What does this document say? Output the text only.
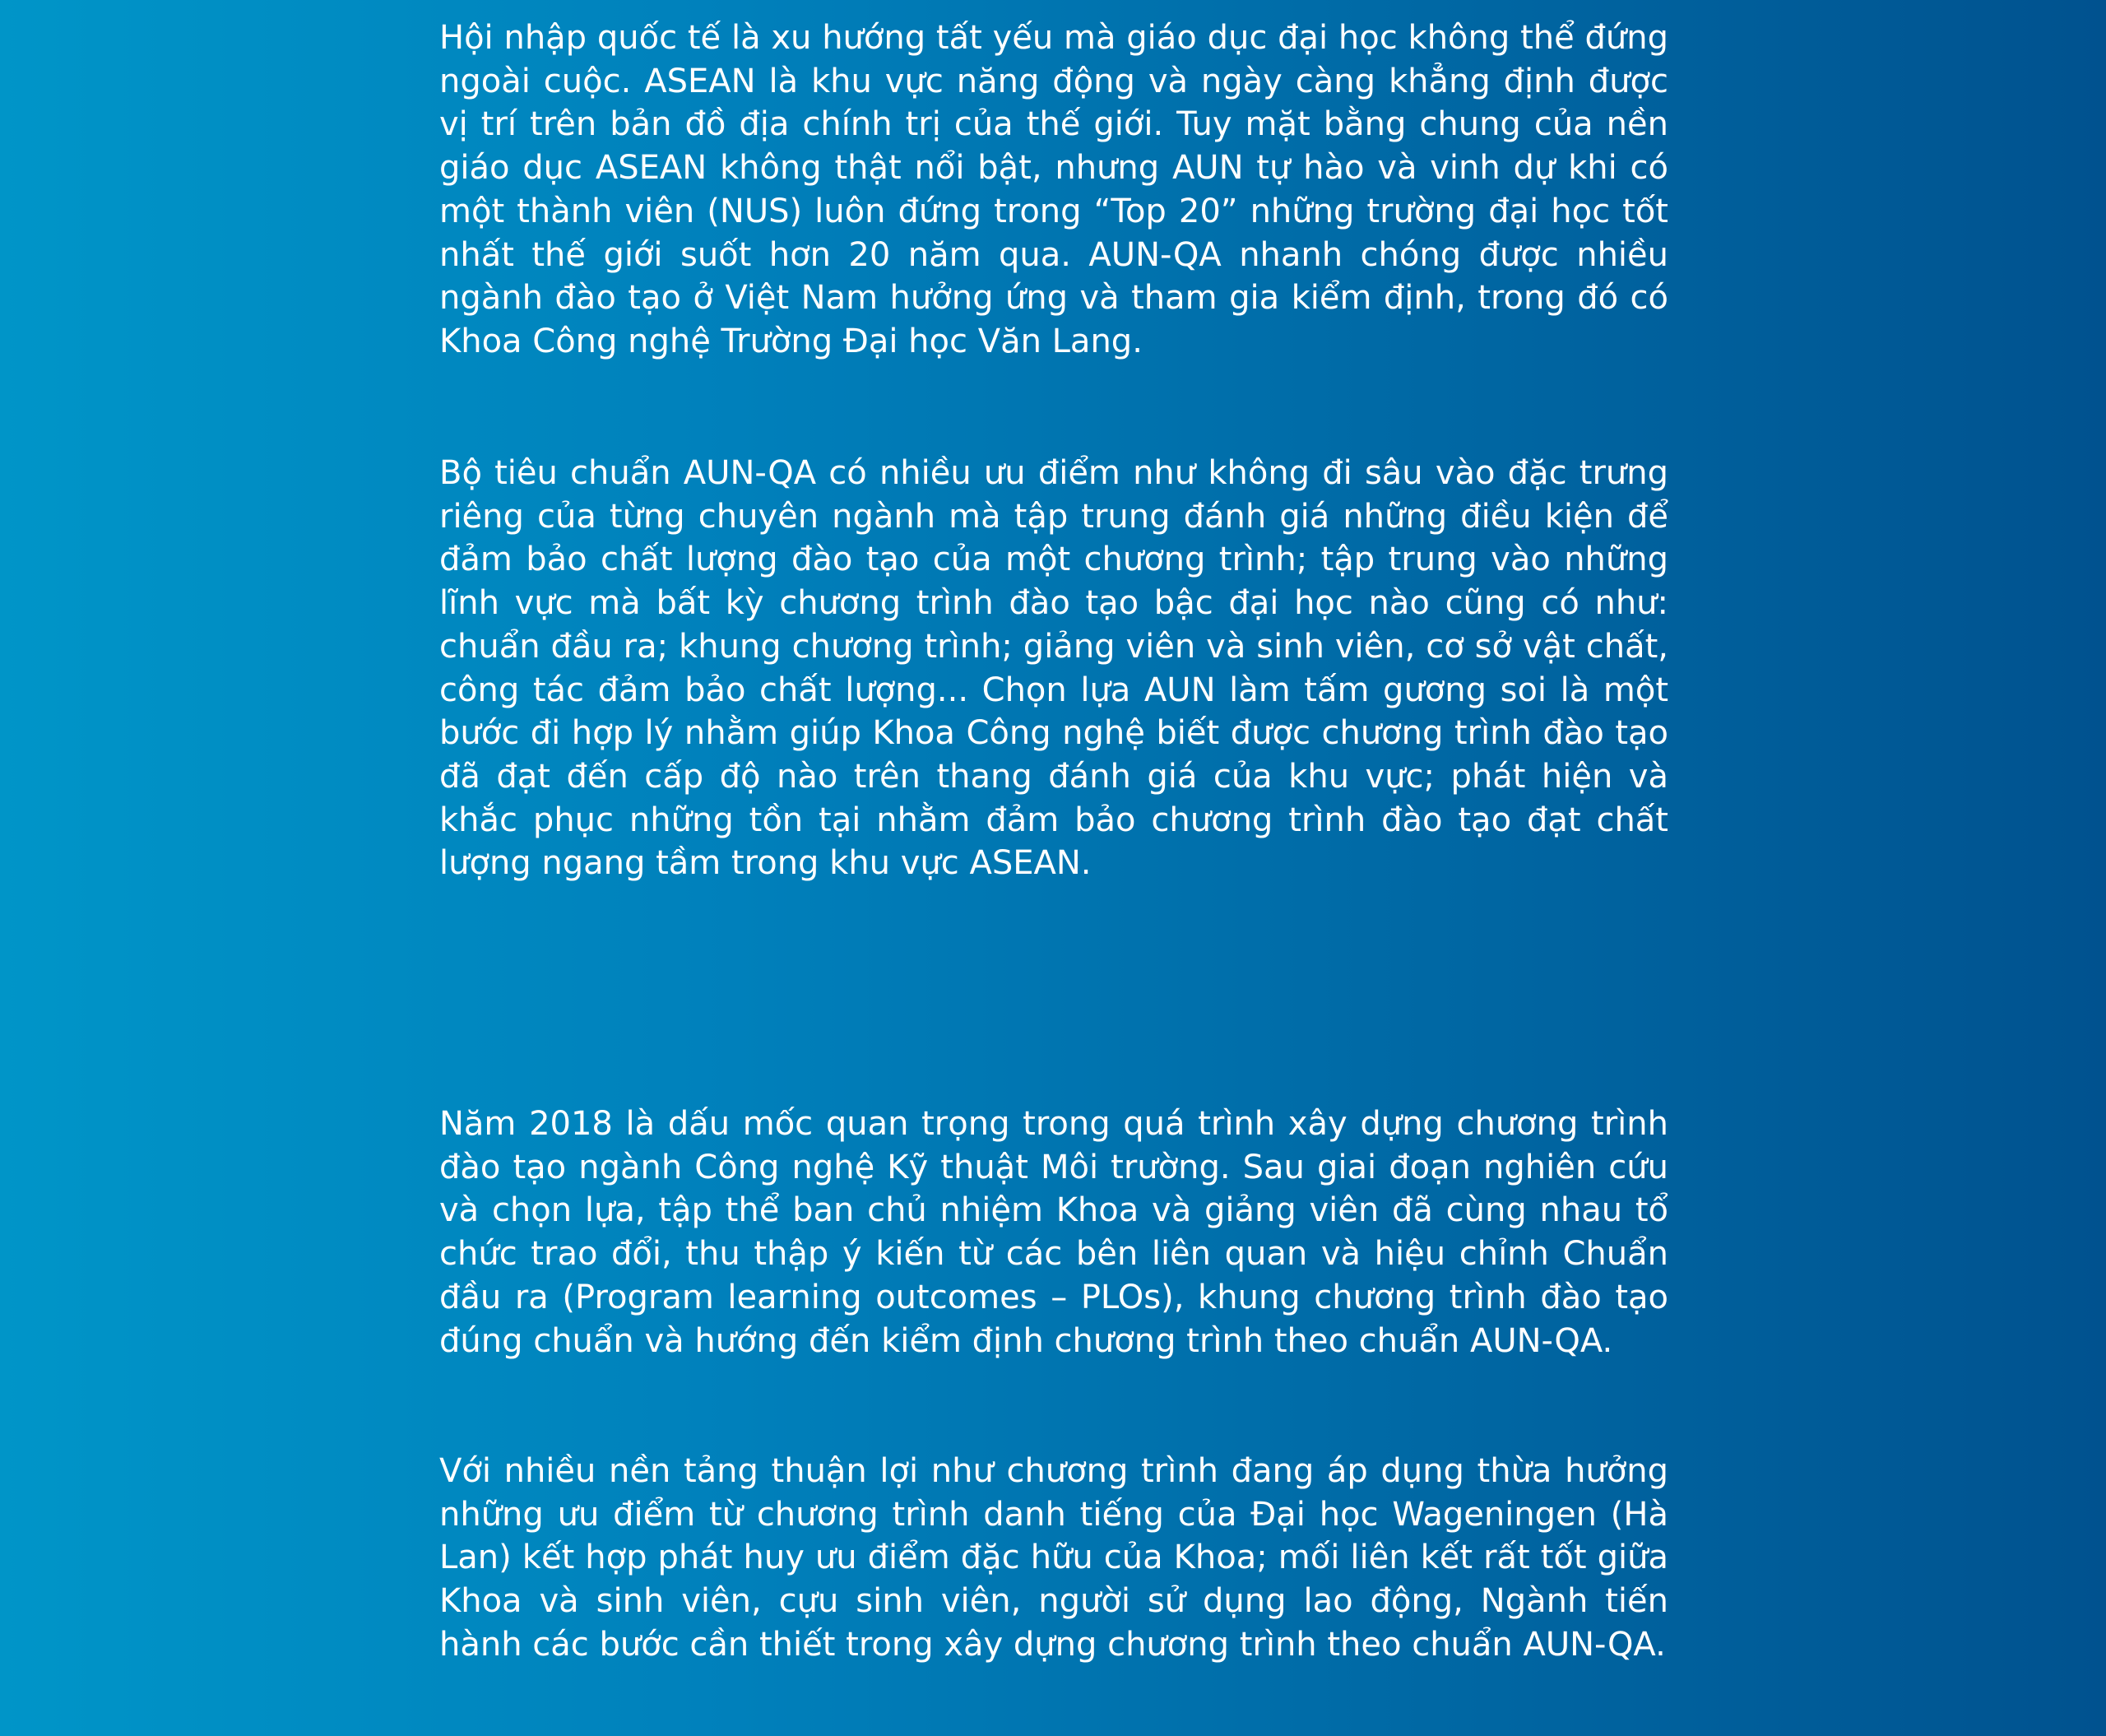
Hội nhập quốc tế là xu hướng tất yếu mà giáo dục đại học không thể đứng ngoài cuộc. ASEAN là khu vực năng động và ngày càng khẳng định được vị trí trên bản đồ địa chính trị của thế giới. Tuy mặt bằng chung của nền giáo dục ASEAN không thật nổi bật, nhưng AUN tự hào và vinh dự khi có một thành viên (NUS) luôn đứng trong “Top 20” những trường đại học tốt nhất thế giới suốt hơn 20 năm qua. AUN-QA nhanh chóng được nhiều ngành đào tạo ở Việt Nam hưởng ứng và tham gia kiểm định, trong đó có Khoa Công nghệ Trường Đại học Văn Lang.

Bộ tiêu chuẩn AUN-QA có nhiều ưu điểm như không đi sâu vào đặc trưng riêng của từng chuyên ngành mà tập trung đánh giá những điều kiện để đảm bảo chất lượng đào tạo của một chương trình; tập trung vào những lĩnh vực mà bất kỳ chương trình đào tạo bậc đại học nào cũng có như: chuẩn đầu ra; khung chương trình; giảng viên và sinh viên, cơ sở vật chất, công tác đảm bảo chất lượng... Chọn lựa AUN làm tấm gương soi là một bước đi hợp lý nhằm giúp Khoa Công nghệ biết được chương trình đào tạo đã đạt đến cấp độ nào trên thang đánh giá của khu vực; phát hiện và khắc phục những tồn tại nhằm đảm bảo chương trình đào tạo đạt chất lượng ngang tầm trong khu vực ASEAN.

Năm 2018 là dấu mốc quan trọng trong quá trình xây dựng chương trình đào tạo ngành Công nghệ Kỹ thuật Môi trường. Sau giai đoạn nghiên cứu và chọn lựa, tập thể ban chủ nhiệm Khoa và giảng viên đã cùng nhau tổ chức trao đổi, thu thập ý kiến từ các bên liên quan và hiệu chỉnh Chuẩn đầu ra (Program learning outcomes – PLOs), khung chương trình đào tạo đúng chuẩn và hướng đến kiểm định chương trình theo chuẩn AUN-QA.

Với nhiều nền tảng thuận lợi như chương trình đang áp dụng thừa hưởng những ưu điểm từ chương trình danh tiếng của Đại học Wageningen (Hà Lan) kết hợp phát huy ưu điểm đặc hữu của Khoa; mối liên kết rất tốt giữa Khoa và sinh viên, cựu sinh viên, người sử dụng lao động, Ngành tiến hành các bước cần thiết trong xây dựng chương trình theo chuẩn AUN-QA.
